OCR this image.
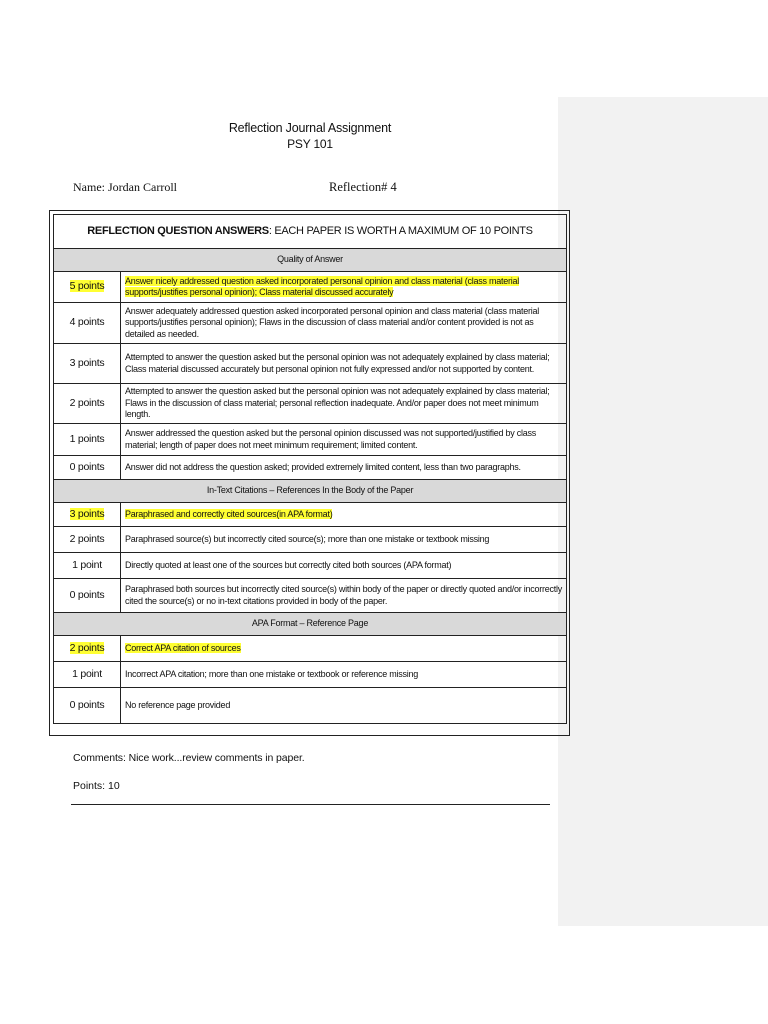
Reflection Journal Assignment
PSY 101
Name: Jordan Carroll	Reflection# 4
REFLECTION QUESTION ANSWERS: EACH PAPER IS WORTH A MAXIMUM OF 10 POINTS	
Quality of Answer	
5 points	Answer nicely addressed question asked incorporated personal opinion and class material (class material supports/justifies personal opinion); Class material discussed accurately
4 points	Answer adequately addressed question asked incorporated personal opinion and class material (class material supports/justifies personal opinion); Flaws in the discussion of class material and/or content provided is not as detailed as needed.
3 points	Attempted to answer the question asked but the personal opinion was not adequately explained by class material; Class material discussed accurately but personal opinion not fully expressed and/or not supported by content.
2 points	Attempted to answer the question asked but the personal opinion was not adequately explained by class material; Flaws in the discussion of class material; personal reflection inadequate. And/or paper does not meet minimum length.
1 points	Answer addressed the question asked but the personal opinion discussed was not supported/justified by class material; length of paper does not meet minimum requirement; limited content.
0 points	Answer did not address the question asked; provided extremely limited content, less than two paragraphs.
In-Text Citations – References In the Body of the Paper	
3 points	Paraphrased and correctly cited sources(in APA format)
2 points	Paraphrased source(s) but incorrectly cited source(s); more than one mistake or textbook missing
1 point	Directly quoted at least one of the sources but correctly cited both sources (APA format)
0 points	Paraphrased both sources but incorrectly cited source(s) within body of the paper or directly quoted and/or incorrectly cited the source(s) or no in-text citations provided in body of the paper.
APA Format – Reference Page	
2 points	Correct APA citation of sources
1 point	Incorrect APA citation; more than one mistake or textbook or reference missing
0 points	No reference page provided
Comments: Nice work...review comments in paper.
Points: 10
